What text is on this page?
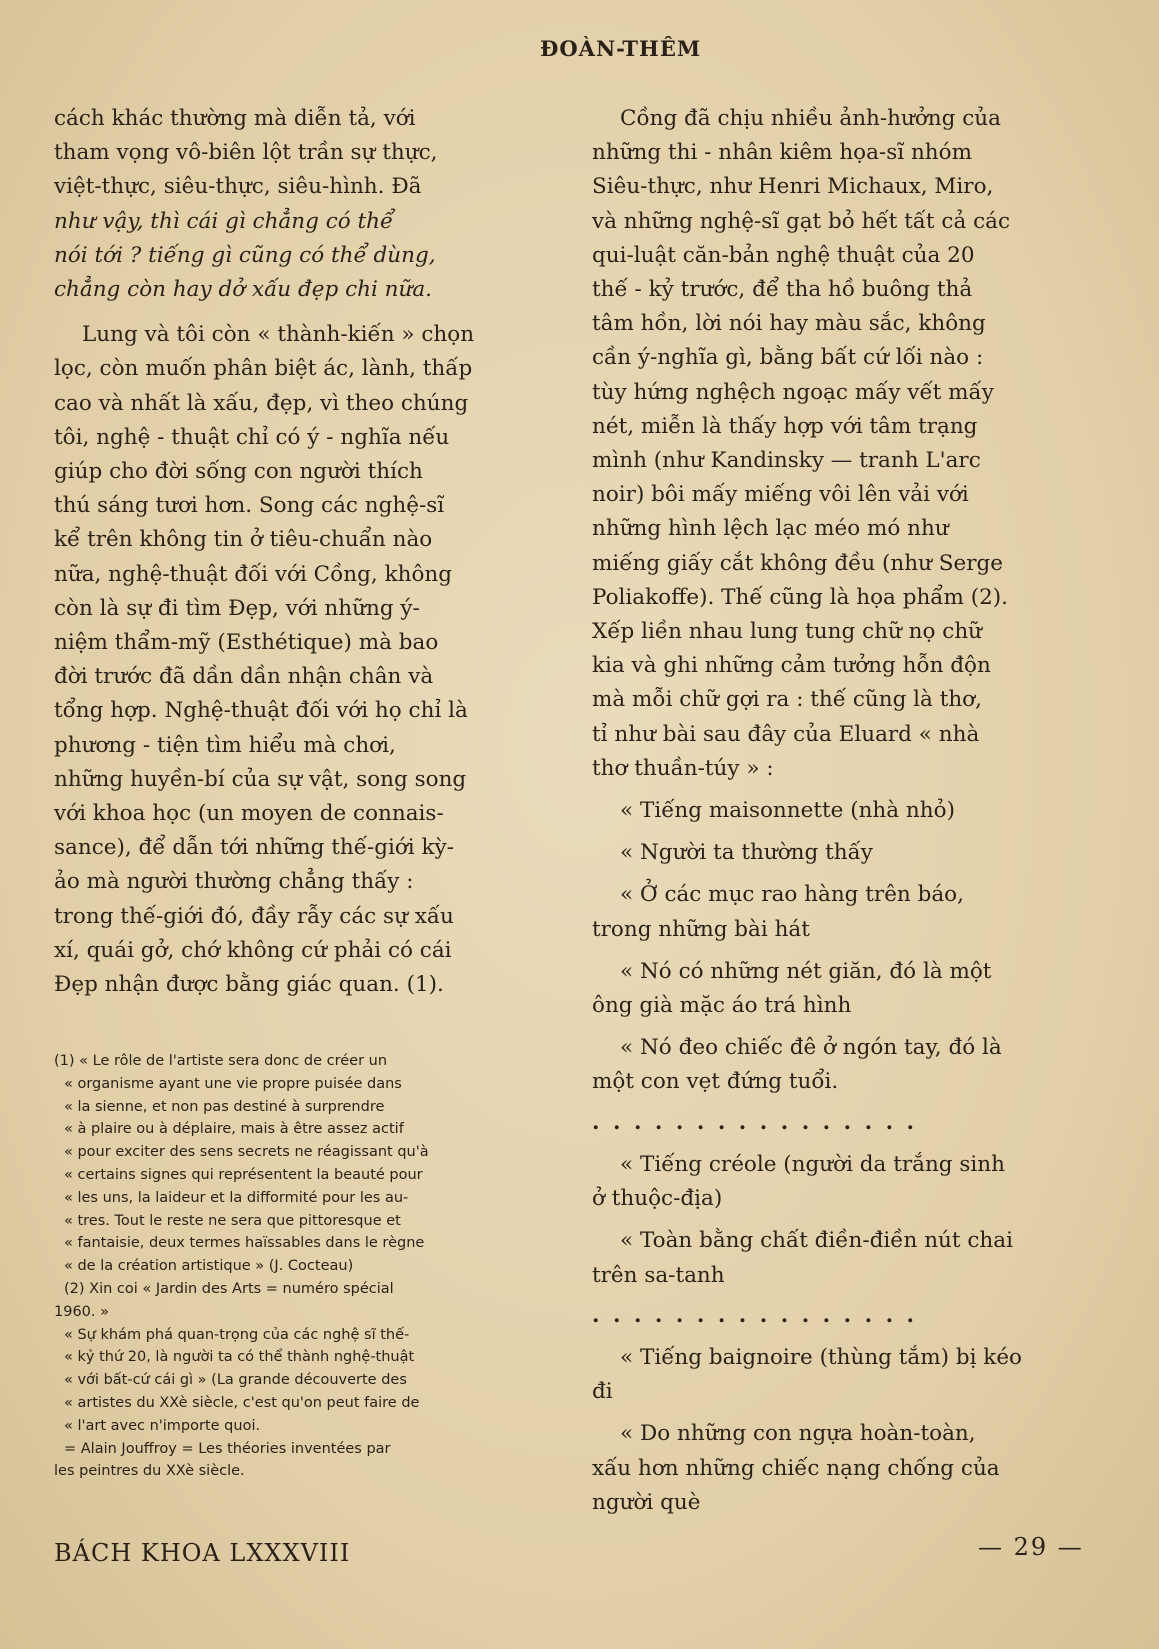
ĐOÀN-THÊM

cách khác thường mà diễn tả, với
tham vọng vô-biên lột trần sự thực,
việt-thực, siêu-thực, siêu-hình. Đã
như vậy, thì cái gì chẳng có thể
nói tới ? tiếng gì cũng có thể dùng,
chẳng còn hay dở xấu đẹp chi nữa.

Lung và tôi còn « thành-kiến » chọn
lọc, còn muốn phân biệt ác, lành, thấp
cao và nhất là xấu, đẹp, vì theo chúng
tôi, nghệ - thuật chỉ có ý - nghĩa nếu
giúp cho đời sống con người thích
thú sáng tươi hơn. Song các nghệ-sĩ
kể trên không tin ở tiêu-chuẩn nào
nữa, nghệ-thuật đối với Cồng, không
còn là sự đi tìm Đẹp, với những ý-
niệm thẩm-mỹ (Esthétique) mà bao
đời trước đã dần dần nhận chân và
tổng hợp. Nghệ-thuật đối với họ chỉ là
phương - tiện tìm hiểu mà chơi,
những huyền-bí của sự vật, song song
với khoa học (un moyen de connais-
sance), để dẫn tới những thế-giới kỳ-
ảo mà người thường chẳng thấy :
trong thế-giới đó, đầy rẫy các sự xấu
xí, quái gở, chớ không cứ phải có cái
Đẹp nhận được bằng giác quan. (1).

(1) « Le rôle de l'artiste sera donc de créer un

« organisme ayant une vie propre puisée dans

« la sienne, et non pas destiné à surprendre

« à plaire ou à déplaire, mais à être assez actif

« pour exciter des sens secrets ne réagissant qu'à

« certains signes qui représentent la beauté pour

« les uns, la laideur et la difformité pour les au-

« tres. Tout le reste ne sera que pittoresque et

« fantaisie, deux termes haïssables dans le règne

« de la création artistique » (J. Cocteau)

(2) Xin coi « Jardin des Arts = numéro spécial

1960. »

« Sự khám phá quan-trọng của các nghệ sĩ thế-

« kỷ thứ 20, là người ta có thể thành nghệ-thuật

« với bất-cứ cái gì » (La grande découverte des

« artistes du XXè siècle, c'est qu'on peut faire de

« l'art avec n'importe quoi.

= Alain Jouffroy = Les théories inventées par

les peintres du XXè siècle.

Cồng đã chịu nhiều ảnh-hưởng của
những thi - nhân kiêm họa-sĩ nhóm
Siêu-thực, như Henri Michaux, Miro,
và những nghệ-sĩ gạt bỏ hết tất cả các
qui-luật căn-bản nghệ thuật của 20
thế - kỷ trước, để tha hồ buông thả
tâm hồn, lời nói hay màu sắc, không
cần ý-nghĩa gì, bằng bất cứ lối nào :
tùy hứng nghệch ngoạc mấy vết mấy
nét, miễn là thấy hợp với tâm trạng
mình (như Kandinsky — tranh L'arc
noir) bôi mấy miếng vôi lên vải với
những hình lệch lạc méo mó như
miếng giấy cắt không đều (như Serge
Poliakoffe). Thế cũng là họa phẩm (2).
Xếp liền nhau lung tung chữ nọ chữ
kia và ghi những cảm tưởng hỗn độn
mà mỗi chữ gợi ra : thế cũng là thơ,
tỉ như bài sau đây của Eluard « nhà
thơ thuần-túy » :

« Tiếng maisonnette (nhà nhỏ)

« Người ta thường thấy

« Ở các mục rao hàng trên báo,

trong những bài hát

« Nó có những nét giăn, đó là một

ông già mặc áo trá hình

« Nó đeo chiếc đê ở ngón tay, đó là

một con vẹt đứng tuổi.

. . . . . . . . . . . . . . . .

« Tiếng créole (người da trắng sinh

ở thuộc-địa)

« Toàn bằng chất điền-điền nút chai

trên sa-tanh

. . . . . . . . . . . . . . . .

« Tiếng baignoire (thùng tắm) bị kéo

đi

« Do những con ngựa hoàn-toàn,

xấu hơn những chiếc nạng chống của

người què

BÁCH KHOA LXXXVIII	— 29 —
